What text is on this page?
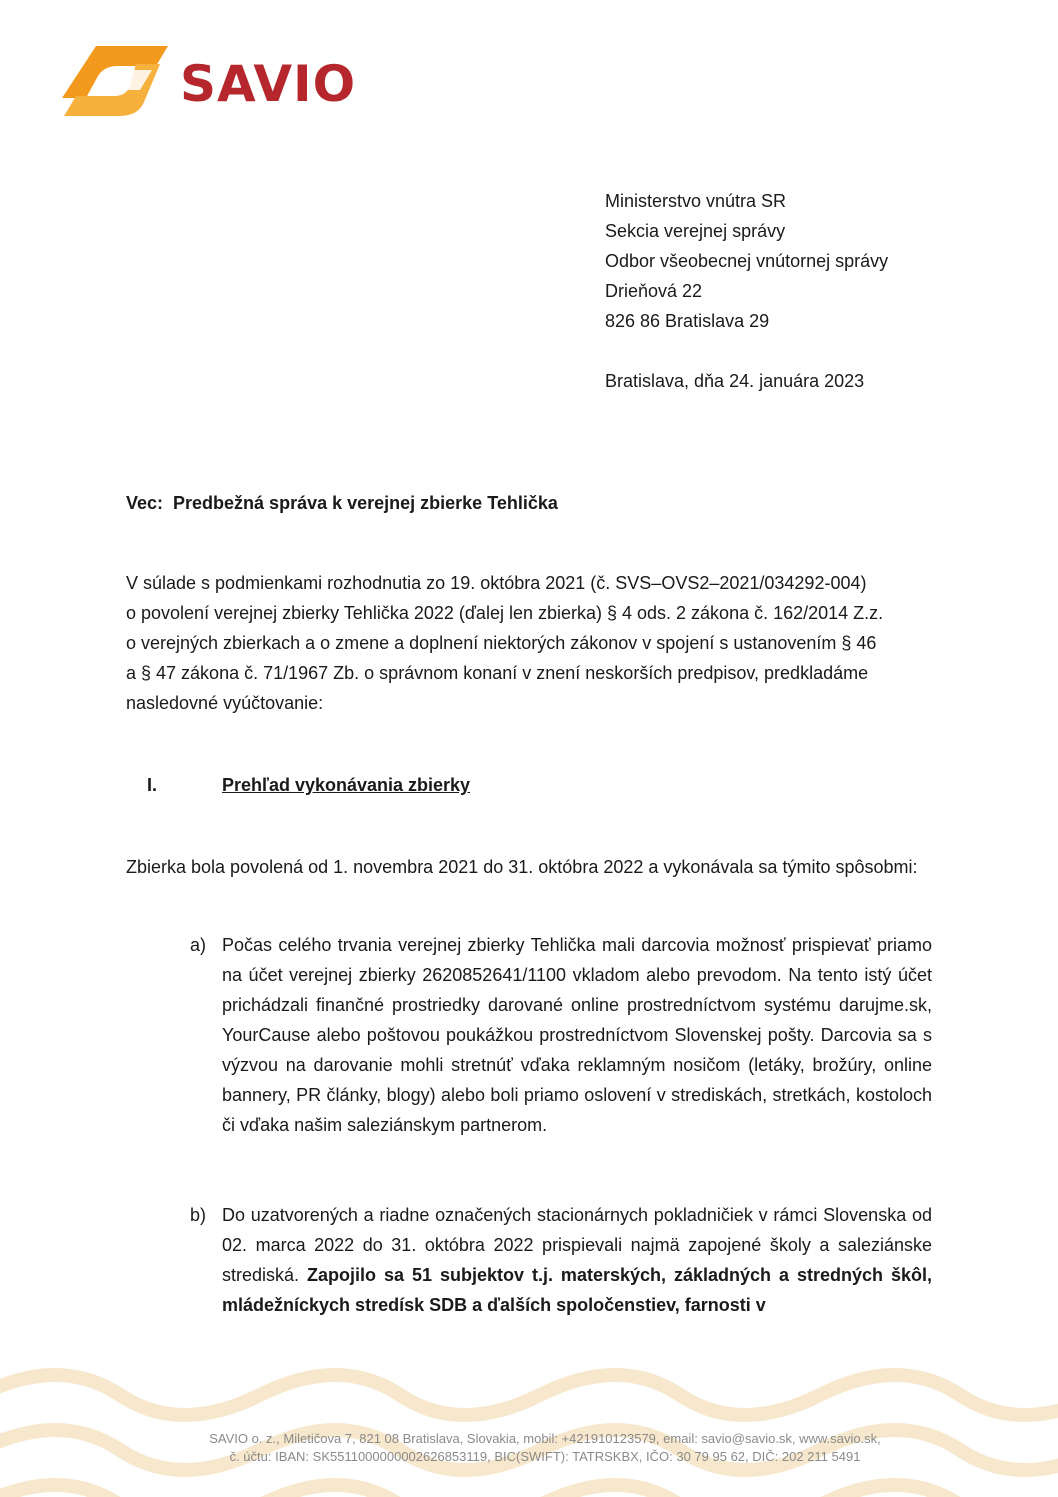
SAVIO
Ministerstvo vnútra SR
Sekcia verejnej správy
Odbor všeobecnej vnútornej správy
Drieňová 22
826 86 Bratislava 29
Bratislava, dňa 24. januára 2023
Vec: Predbežná správa k verejnej zbierke Tehlička
V súlade s podmienkami rozhodnutia zo 19. októbra 2021 (č. SVS–OVS2–2021/034292-004)
o povolení verejnej zbierky Tehlička 2022 (ďalej len zbierka) § 4 ods. 2 zákona č. 162/2014 Z.z.
o verejných zbierkach a o zmene a doplnení niektorých zákonov v spojení s ustanovením § 46
a § 47 zákona č. 71/1967 Zb. o správnom konaní v znení neskorších predpisov, predkladáme
nasledovné vyúčtovanie:
I.	Prehľad vykonávania zbierky
Zbierka bola povolená od 1. novembra 2021 do 31. októbra 2022 a vykonávala sa týmito spôsobmi:
a) Počas celého trvania verejnej zbierky Tehlička mali darcovia možnosť prispievať priamo na účet verejnej zbierky 2620852641/1100 vkladom alebo prevodom. Na tento istý účet prichádzali finančné prostriedky darované online prostredníctvom systému darujme.sk, YourCause alebo poštovou poukážkou prostredníctvom Slovenskej pošty. Darcovia sa s výzvou na darovanie mohli stretnúť vďaka reklamným nosičom (letáky, brožúry, online bannery, PR články, blogy) alebo boli priamo oslovení v strediskách, stretkách, kostoloch či vďaka našim saleziánskym partnerom.
b) Do uzatvorených a riadne označených stacionárnych pokladničiek v rámci Slovenska od 02. marca 2022 do 31. októbra 2022 prispievali najmä zapojené školy a saleziánske strediská. Zapojilo sa 51 subjektov t.j. materských, základných a stredných škôl, mládežníckych stredísk SDB a ďalších spoločenstiev, farnosti v
SAVIO o. z., Miletičova 7, 821 08 Bratislava, Slovakia, mobil: +421910123579, email: savio@savio.sk, www.savio.sk,
č. účtu: IBAN: SK5511000000002626853119, BIC(SWIFT): TATRSKBX, IČO: 30 79 95 62, DIČ: 202 211 5491
